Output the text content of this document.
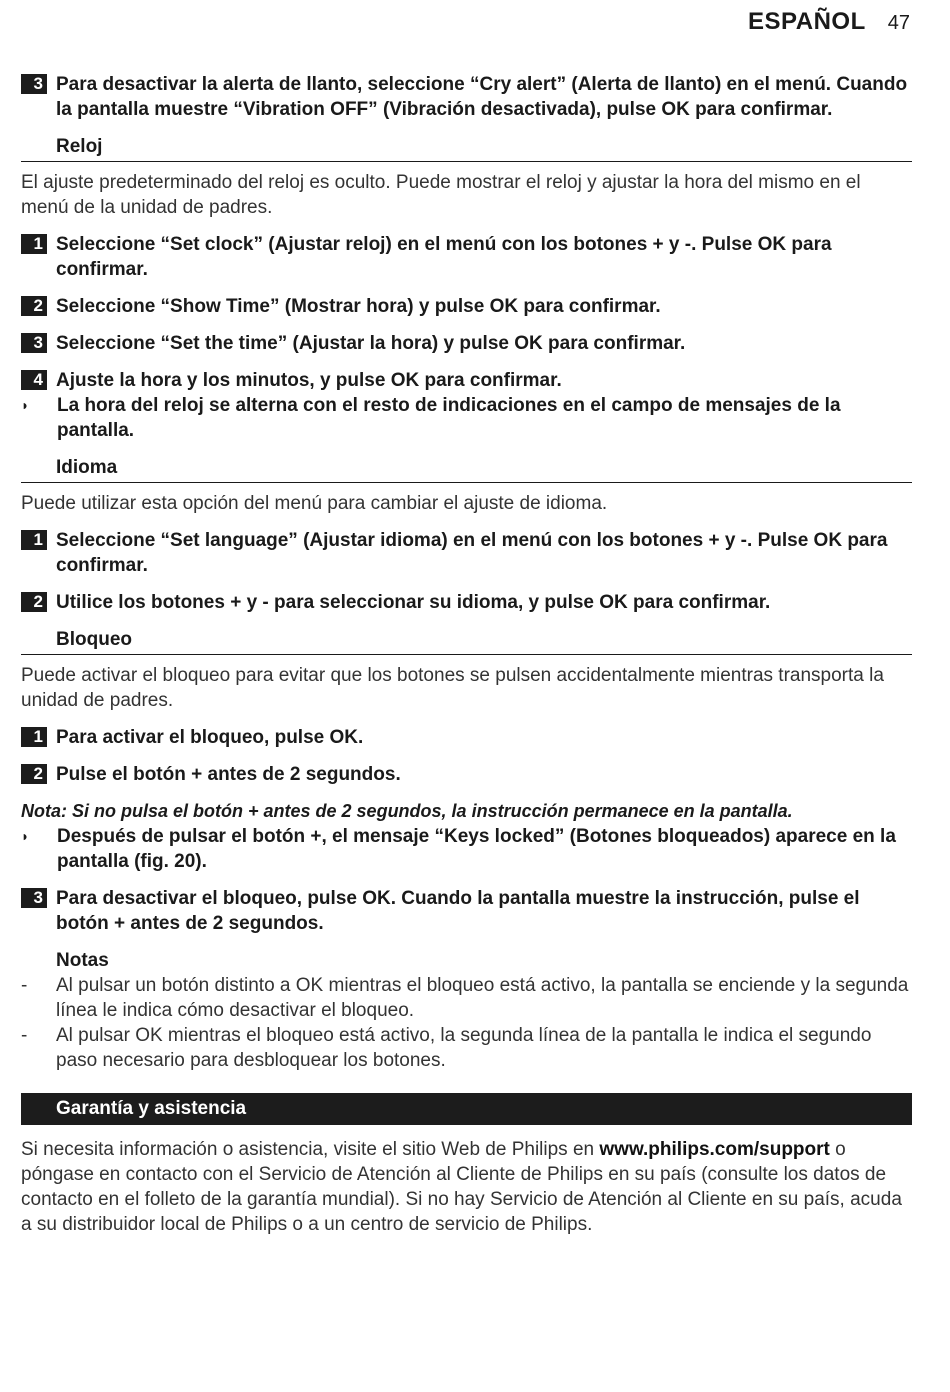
ESPAÑOL 47
3 Para desactivar la alerta de llanto, seleccione “Cry alert” (Alerta de llanto) en el menú. Cuando la pantalla muestre “Vibration OFF” (Vibración desactivada), pulse OK para confirmar.
Reloj
El ajuste predeterminado del reloj es oculto. Puede mostrar el reloj y ajustar la hora del mismo en el menú de la unidad de padres.
1 Seleccione “Set clock” (Ajustar reloj) en el menú con los botones + y -. Pulse OK para confirmar.
2 Seleccione “Show Time” (Mostrar hora) y pulse OK para confirmar.
3 Seleccione “Set the time” (Ajustar la hora) y pulse OK para confirmar.
4 Ajuste la hora y los minutos, y pulse OK para confirmar.
◗	La hora del reloj se alterna con el resto de indicaciones en el campo de mensajes de la pantalla.
Idioma
Puede utilizar esta opción del menú para cambiar el ajuste de idioma.
1 Seleccione “Set language” (Ajustar idioma) en el menú con los botones + y -. Pulse OK para confirmar.
2 Utilice los botones + y - para seleccionar su idioma, y pulse OK para confirmar.
Bloqueo
Puede activar el bloqueo para evitar que los botones se pulsen accidentalmente mientras transporta la unidad de padres.
1 Para activar el bloqueo, pulse OK.
2 Pulse el botón + antes de 2 segundos.
Nota: Si no pulsa el botón + antes de 2 segundos, la instrucción permanece en la pantalla.
◗	Después de pulsar el botón +, el mensaje “Keys locked” (Botones bloqueados) aparece en la pantalla (fig. 20).
3 Para desactivar el bloqueo, pulse OK. Cuando la pantalla muestre la instrucción, pulse el botón + antes de 2 segundos.
Notas
-	Al pulsar un botón distinto a OK mientras el bloqueo está activo, la pantalla se enciende y la segunda línea le indica cómo desactivar el bloqueo.
-	Al pulsar OK mientras el bloqueo está activo, la segunda línea de la pantalla le indica el segundo paso necesario para desbloquear los botones.
Garantía y asistencia
Si necesita información o asistencia, visite el sitio Web de Philips en www.philips.com/support o póngase en contacto con el Servicio de Atención al Cliente de Philips en su país (consulte los datos de contacto en el folleto de la garantía mundial). Si no hay Servicio de Atención al Cliente en su país, acuda a su distribuidor local de Philips o a un centro de servicio de Philips.
